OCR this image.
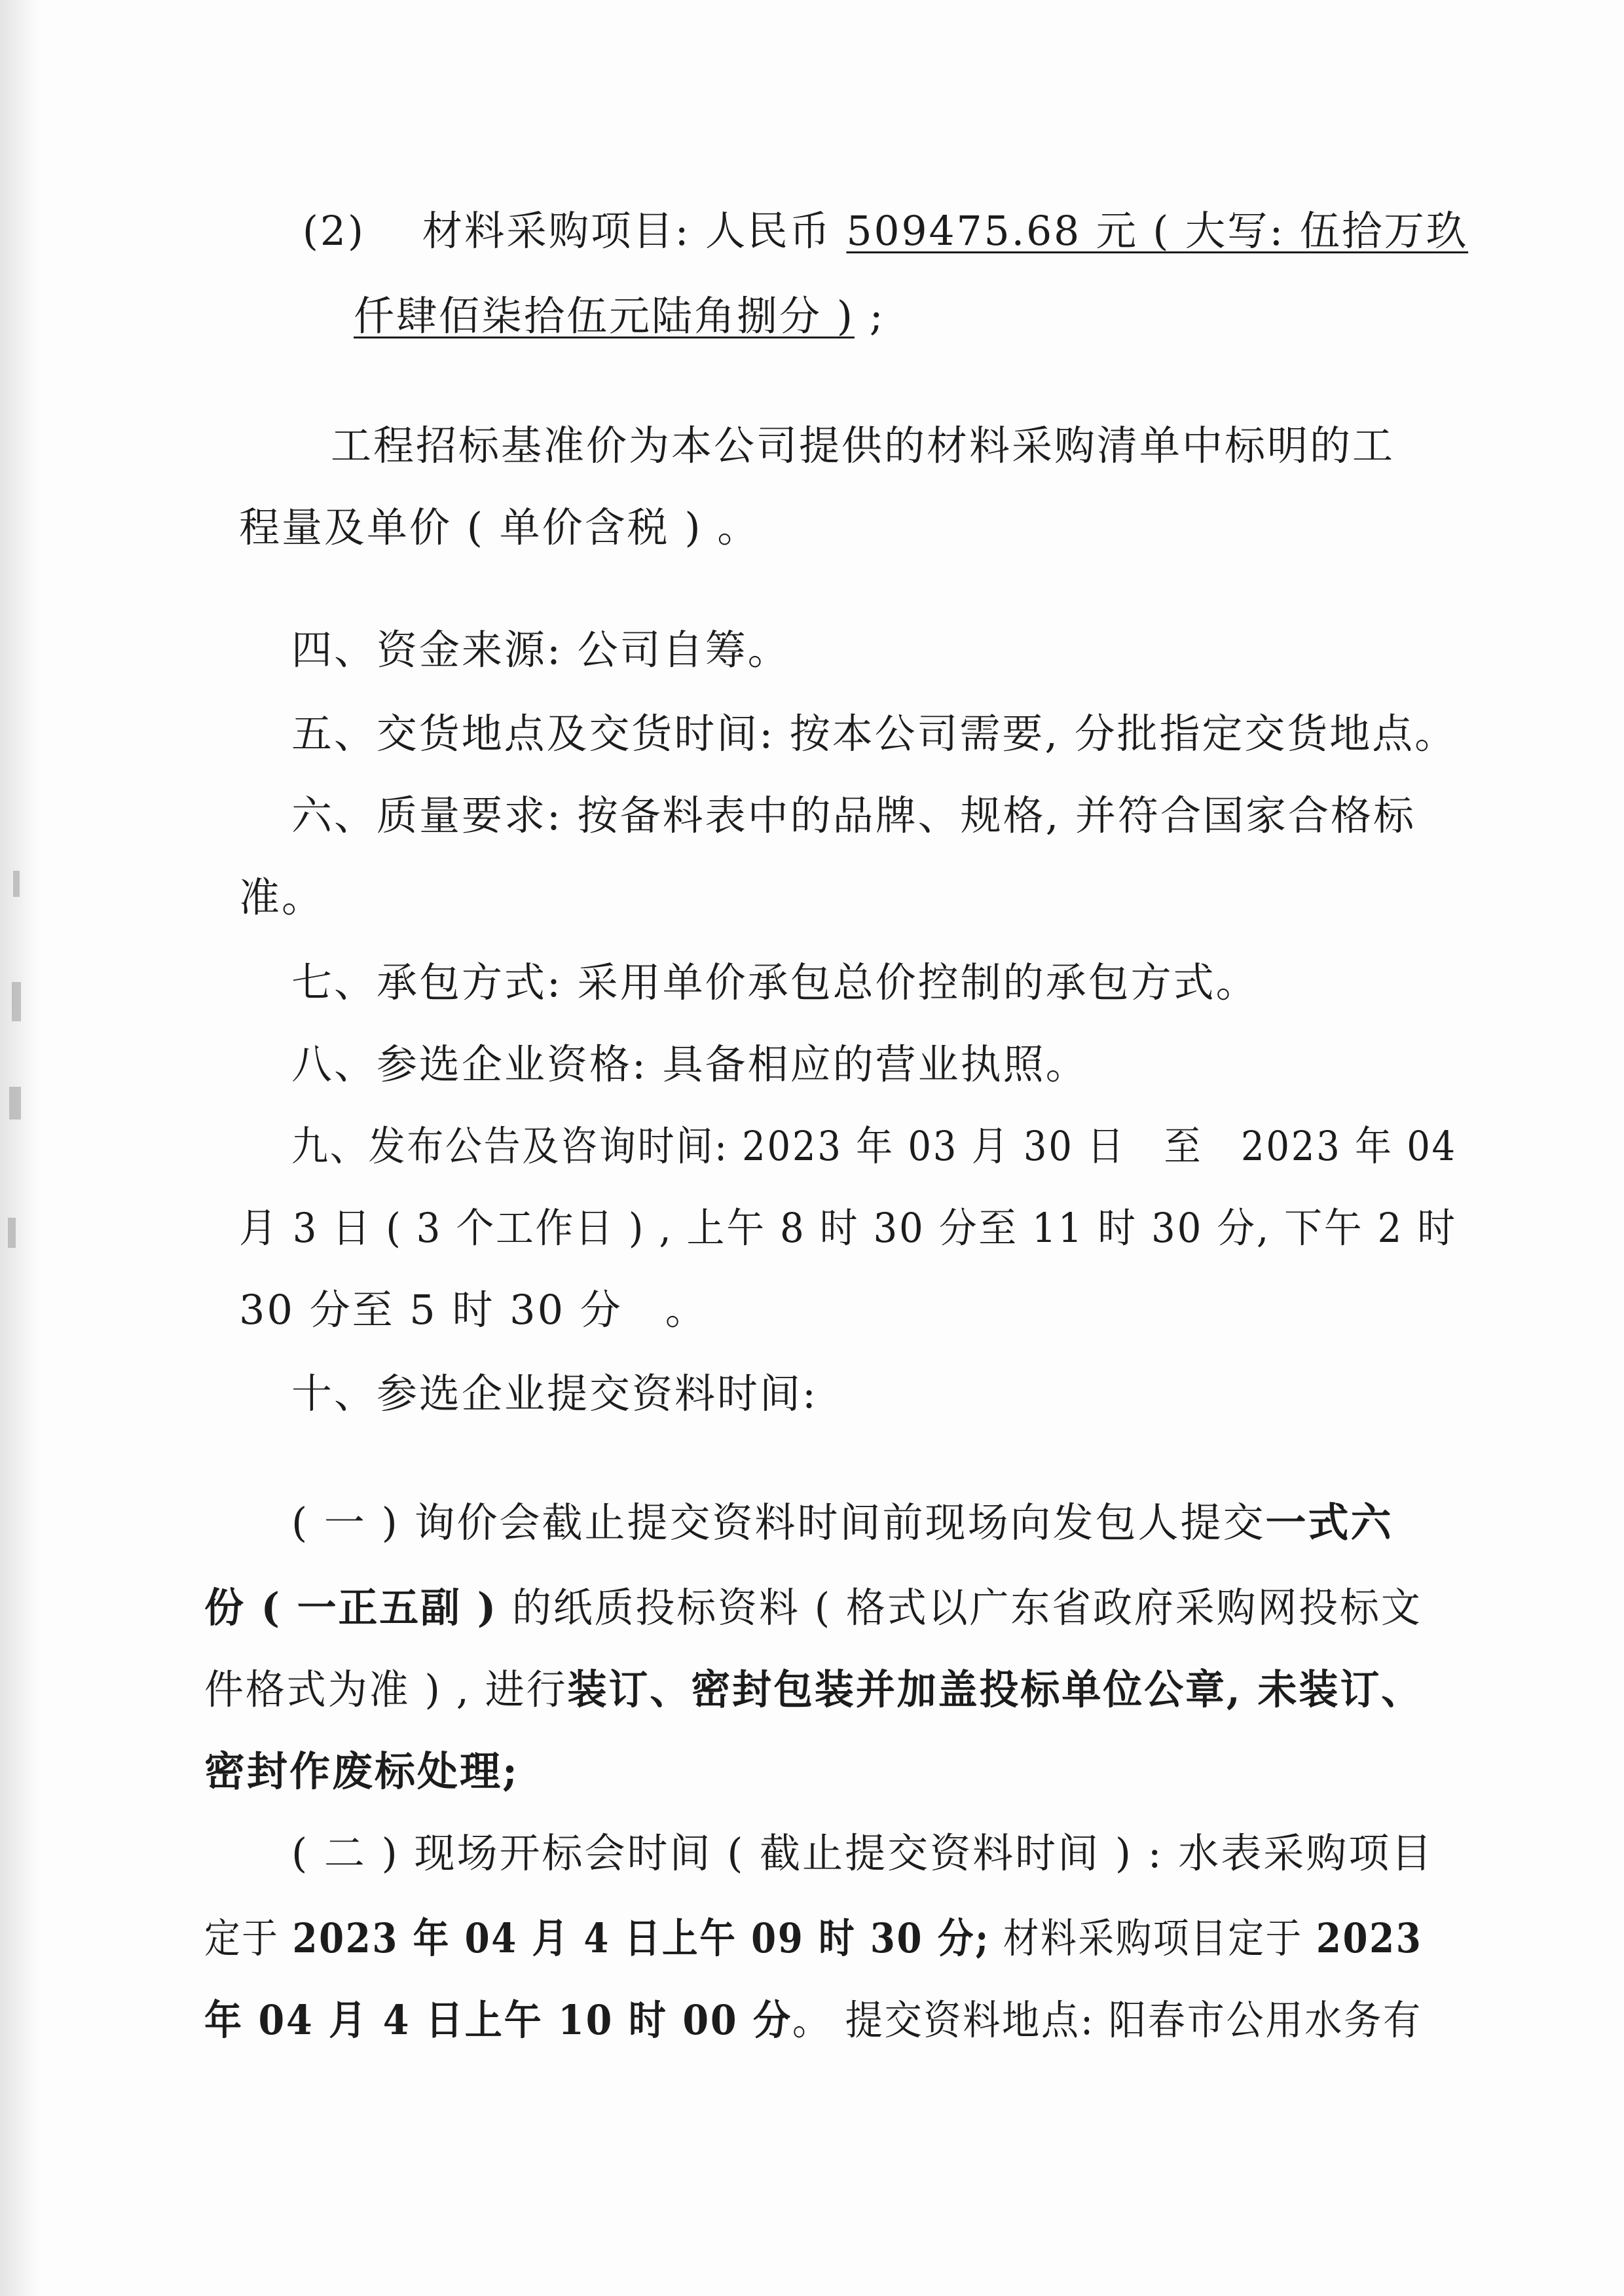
(2)　 材料采购项目: 人民币 509475.68 元 ( 大写: 伍拾万玖
仟肆佰柒拾伍元陆角捌分 ) ;
工程招标基准价为本公司提供的材料采购清单中标明的工
程量及单价 ( 单价含税 ) 。
四、资金来源: 公司自筹。
五、交货地点及交货时间: 按本公司需要, 分批指定交货地点。
六、质量要求: 按备料表中的品牌、规格, 并符合国家合格标
准。
七、承包方式: 采用单价承包总价控制的承包方式。
八、参选企业资格: 具备相应的营业执照。
九、发布公告及咨询时间: 2023 年 03 月 30 日　至　2023 年 04
月 3 日 ( 3 个工作日 ) , 上午 8 时 30 分至 11 时 30 分, 下午 2 时
30 分至 5 时 30 分　。
十、参选企业提交资料时间:
( 一 ) 询价会截止提交资料时间前现场向发包人提交一式六
份 ( 一正五副 ) 的纸质投标资料 ( 格式以广东省政府采购网投标文
件格式为准 ) , 进行装订、密封包装并加盖投标单位公章, 未装订、
密封作废标处理;
( 二 ) 现场开标会时间 ( 截止提交资料时间 ) : 水表采购项目
定于 2023 年 04 月 4 日上午 09 时 30 分; 材料采购项目定于 2023
年 04 月 4 日上午 10 时 00 分。 提交资料地点: 阳春市公用水务有
